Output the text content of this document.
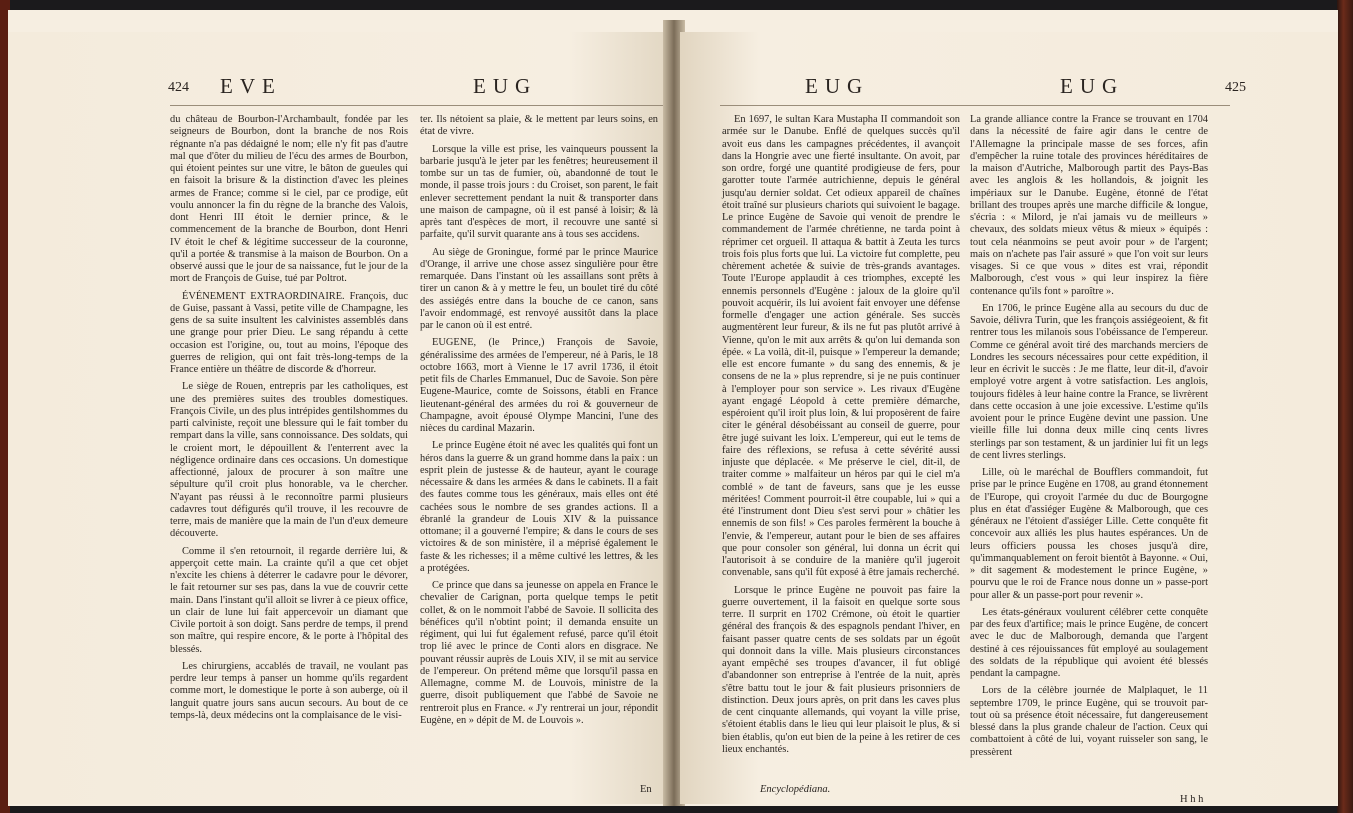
424 EVE	EUG

du château de Bourbon-l'Archambault, fondée par les seigneurs de Bourbon, dont la branche de nos Rois régnante n'a pas dédaigné le nom; elle n'y fit pas d'autre mal que d'ôter du milieu de l'écu des armes de Bourbon, qui étoient peintes sur une vitre, le bâton de gueules qui en faisoit la brisure & la distinction d'avec les pleines armes de France; comme si le ciel, par ce prodige, eût voulu annoncer la fin du règne de la branche des Valois, dont Henri III étoit le dernier prince, & le commencement de la branche de Bourbon, dont Henri IV étoit le chef & légitime successeur de la couronne, qu'il a portée & transmise à la maison de Bourbon. On a observé aussi que le jour de sa naissance, fut le jour de la mort de François de Guise, tué par Poltrot.

ÉVÉNEMENT EXTRAORDINAIRE. François, duc de Guise, passant à Vassi, petite ville de Champagne, les gens de sa suite insultent les calvinistes assemblés dans une grange pour prier Dieu. Le sang répandu à cette occasion est l'origine, ou, tout au moins, l'époque des guerres de religion, qui ont fait très-long-temps de la France entière un théâtre de discorde & d'horreur.

Le siège de Rouen, entrepris par les catholiques, est une des premières suites des troubles domestiques. François Civile, un des plus intrépides gentilshommes du parti calviniste, reçoit une blessure qui le fait tomber du rempart dans la ville, sans connoissance. Des soldats, qui le croient mort, le dépouillent & l'enterrent avec la négligence ordinaire dans ces occasions. Un domestique affectionné, jaloux de procurer à son maître une sépulture qu'il croit plus honorable, va le chercher. N'ayant pas réussi à le reconnoître parmi plusieurs cadavres tout défigurés qu'il trouve, il les recouvre de terre, mais de manière que la main de l'un d'eux demeure découverte.

Comme il s'en retournoit, il regarde derrière lui, & apperçoit cette main. La crainte qu'il a que cet objet n'excite les chiens à déterrer le cadavre pour le dévorer, le fait retourner sur ses pas, dans la vue de couvrir cette main. Dans l'instant qu'il alloit se livrer à ce pieux office, un clair de lune lui fait appercevoir un diamant que Civile portoit à son doigt. Sans perdre de temps, il prend son maître, qui respire encore, & le porte à l'hôpital des blessés.

Les chirurgiens, accablés de travail, ne voulant pas perdre leur temps à panser un homme qu'ils regardent comme mort, le domestique le porte à son auberge, où il languit quatre jours sans aucun secours. Au bout de ce temps-là, deux médecins ont la complaisance de le visi-

ter. Ils nétoient sa plaie, & le mettent par leurs soins, en état de vivre.

Lorsque la ville est prise, les vainqueurs poussent la barbarie jusqu'à le jeter par les fenêtres; heureusement il tombe sur un tas de fumier, où, abandonné de tout le monde, il passe trois jours : du Croiset, son parent, le fait enlever secrettement pendant la nuit & transporter dans une maison de campagne, où il est pansé à loisir; & là après tant d'espèces de mort, il recouvre une santé si parfaite, qu'il survit quarante ans à tous ses accidens.

Au siège de Groningue, formé par le prince Maurice d'Orange, il arrive une chose assez singulière pour être remarquée. Dans l'instant où les assaillans sont prêts à tirer un canon & à y mettre le feu, un boulet tiré du côté des assiégés entre dans la bouche de ce canon, sans l'avoir endommagé, est renvoyé aussitôt dans la place par le canon où il est entré.

EUGENE, (le Prince,) François de Savoie, généralissime des armées de l'empereur, né à Paris, le 18 octobre 1663, mort à Vienne le 17 avril 1736, il étoit petit fils de Charles Emmanuel, Duc de Savoie. Son père Eugene-Maurice, comte de Soissons, établi en France lieutenant-général des armées du roi & gouverneur de Champagne, avoit épousé Olympe Mancini, l'une des nièces du cardinal Mazarin.

Le prince Eugène étoit né avec les qualités qui font un héros dans la guerre & un grand homme dans la paix : un esprit plein de justesse & de hauteur, ayant le courage nécessaire & dans les armées & dans le cabinets. Il a fait des fautes comme tous les généraux, mais elles ont été cachées sous le nombre de ses grandes actions. Il a ébranlé la grandeur de Louis XIV & la puissance ottomane; il a gouverné l'empire; & dans le cours de ses victoires & de son ministère, il a méprisé également le faste & les richesses; il a même cultivé les lettres, & les a protégées.

Ce prince que dans sa jeunesse on appela en France le chevalier de Carignan, porta quelque temps le petit collet, & on le nommoit l'abbé de Savoie. Il sollicita des bénéfices qu'il n'obtint point; il demanda ensuite un régiment, qui lui fut également refusé, parce qu'il étoit trop lié avec le prince de Conti alors en disgrace. Ne pouvant réussir auprès de Louis XIV, il se mit au service de l'empereur. On prétend même que lorsqu'il passa en Allemagne, comme M. de Louvois, ministre de la guerre, disoit publiquement que l'abbé de Savoie ne rentreroit plus en France. « J'y rentrerai un jour, répondit Eugène, en » dépit de M. de Louvois ».

En
EUG	EUG	425

En 1697, le sultan Kara Mustapha II commandoit son armée sur le Danube. Enflé de quelques succès qu'il avoit eus dans les campagnes précédentes, il avançoit dans la Hongrie avec une fierté insultante. On avoit, par son ordre, forgé une quantité prodigieuse de fers, pour garotter toute l'armée autrichienne, depuis le général jusqu'au dernier soldat. Cet odieux appareil de chaînes étoit traîné sur plusieurs chariots qui suivoient le bagage. Le prince Eugène de Savoie qui venoit de prendre le commandement de l'armée chrétienne, ne tarda point à réprimer cet orgueil. Il attaqua & battit à Zeuta les turcs trois fois plus forts que lui. La victoire fut complette, peu chèrement achetée & suivie de très-grands avantages. Toute l'Europe applaudit à ces triomphes, excepté les ennemis personnels d'Eugène : jaloux de la gloire qu'il pouvoit acquérir, ils lui avoient fait envoyer une défense formelle d'engager une action générale. Ses succès augmentèrent leur fureur, & ils ne fut pas plutôt arrivé à Vienne, qu'on le mit aux arrêts & qu'on lui demanda son épée. « La voilà, dit-il, puisque » l'empereur la demande; elle est encore fumante » du sang des ennemis, & je consens de ne la » plus reprendre, si je ne puis continuer à l'employer pour son service ». Les rivaux d'Eugène ayant engagé Léopold à cette première démarche, espéroient qu'il iroit plus loin, & lui proposèrent de faire citer le général désobéissant au conseil de guerre, pour être jugé suivant les loix. L'empereur, qui eut le tems de faire des réflexions, se refusa à cette sévérité aussi injuste que déplacée. « Me préserve le ciel, dit-il, de traiter comme » malfaiteur un héros par qui le ciel m'a comblé » de tant de faveurs, sans que je les eusse méritées! Comment pourroit-il être coupable, lui » qui a été l'instrument dont Dieu s'est servi pour » châtier les ennemis de son fils! » Ces paroles fermèrent la bouche à l'envie, & l'empereur, autant pour le bien de ses affaires que pour consoler son général, lui donna un écrit qui l'autorisoit à se conduire de la manière qu'il jugeroit convenable, sans qu'il fût exposé à être jamais recherché.

Lorsque le prince Eugène ne pouvoit pas faire la guerre ouvertement, il la faisoit en quelque sorte sous terre. Il surprit en 1702 Crémone, où étoit le quartier général des françois & des espagnols pendant l'hiver, en faisant passer quatre cents de ses soldats par un égoût qui donnoit dans la ville. Mais plusieurs circonstances ayant empêché ses troupes d'avancer, il fut obligé d'abandonner son entreprise à l'entrée de la nuit, après s'être battu tout le jour & fait plusieurs prisonniers de distinction. Deux jours après, on prit dans les caves plus de cent cinquante allemands, qui voyant la ville prise, s'étoient établis dans le lieu qui leur plaisoit le plus, & si bien établis, qu'on eut bien de la peine à les retirer de ces lieux enchantés.

Encyclopédiana.

La grande alliance contre la France se trouvant en 1704 dans la nécessité de faire agir dans le centre de l'Allemagne la principale masse de ses forces, afin d'empêcher la ruine totale des provinces héréditaires de la maison d'Autriche, Malborough partit des Pays-Bas avec les anglois & les hollandois, & joignit les impériaux sur le Danube. Eugène, étonné de l'état brillant des troupes après une marche difficile & longue, s'écria : « Milord, je n'ai jamais vu de meilleurs » chevaux, des soldats mieux vêtus & mieux » équipés : tout cela néanmoins se peut avoir pour » de l'argent; mais on n'achete pas l'air assuré » que l'on voit sur leurs visages. Si ce que vous » dites est vrai, répondit Malborough, c'est vous » qui leur inspirez la fière contenance qu'ils font » paroître ».

En 1706, le prince Eugène alla au secours du duc de Savoie, délivra Turin, que les françois assiégeoient, & fit rentrer tous les milanois sous l'obéissance de l'empereur. Comme ce général avoit tiré des marchands merciers de Londres les secours nécessaires pour cette expédition, il leur en écrivit le succès : Je me flatte, leur dit-il, d'avoir employé votre argent à votre satisfaction. Les anglois, toujours fidèles à leur haine contre la France, se livrèrent dans cette occasion à une joie excessive. L'estime qu'ils avoient pour le prince Eugène devint une passion. Une vieille fille lui donna deux mille cinq cents livres sterlings par son testament, & un jardinier lui fit un legs de cent livres sterlings.

Lille, où le maréchal de Boufflers commandoit, fut prise par le prince Eugène en 1708, au grand étonnement de l'Europe, qui croyoit l'armée du duc de Bourgogne plus en état d'assiéger Eugène & Malborough, que ces généraux ne l'étoient d'assiéger Lille. Cette conquête fit concevoir aux alliés les plus hautes espérances. Un de leurs officiers poussa les choses jusqu'à dire, qu'immanquablement on feroit bientôt à Bayonne. « Oui, » dit sagement & modestement le prince Eugène, » pourvu que le roi de France nous donne un » passe-port pour aller & un passe-port pour revenir ».

Les états-généraux voulurent célébrer cette conquête par des feux d'artifice; mais le prince Eugène, de concert avec le duc de Malborough, demanda que l'argent destiné à ces réjouissances fût employé au soulagement des soldats de la république qui avoient été blessés pendant la campagne.

Lors de la célèbre journée de Malplaquet, le 11 septembre 1709, le prince Eugène, qui se trouvoit par-tout où sa présence étoit nécessaire, fut dangereusement blessé dans la plus grande chaleur de l'action. Ceux qui combattoient à côté de lui, voyant ruisseler son sang, le pressèrent

H h h
